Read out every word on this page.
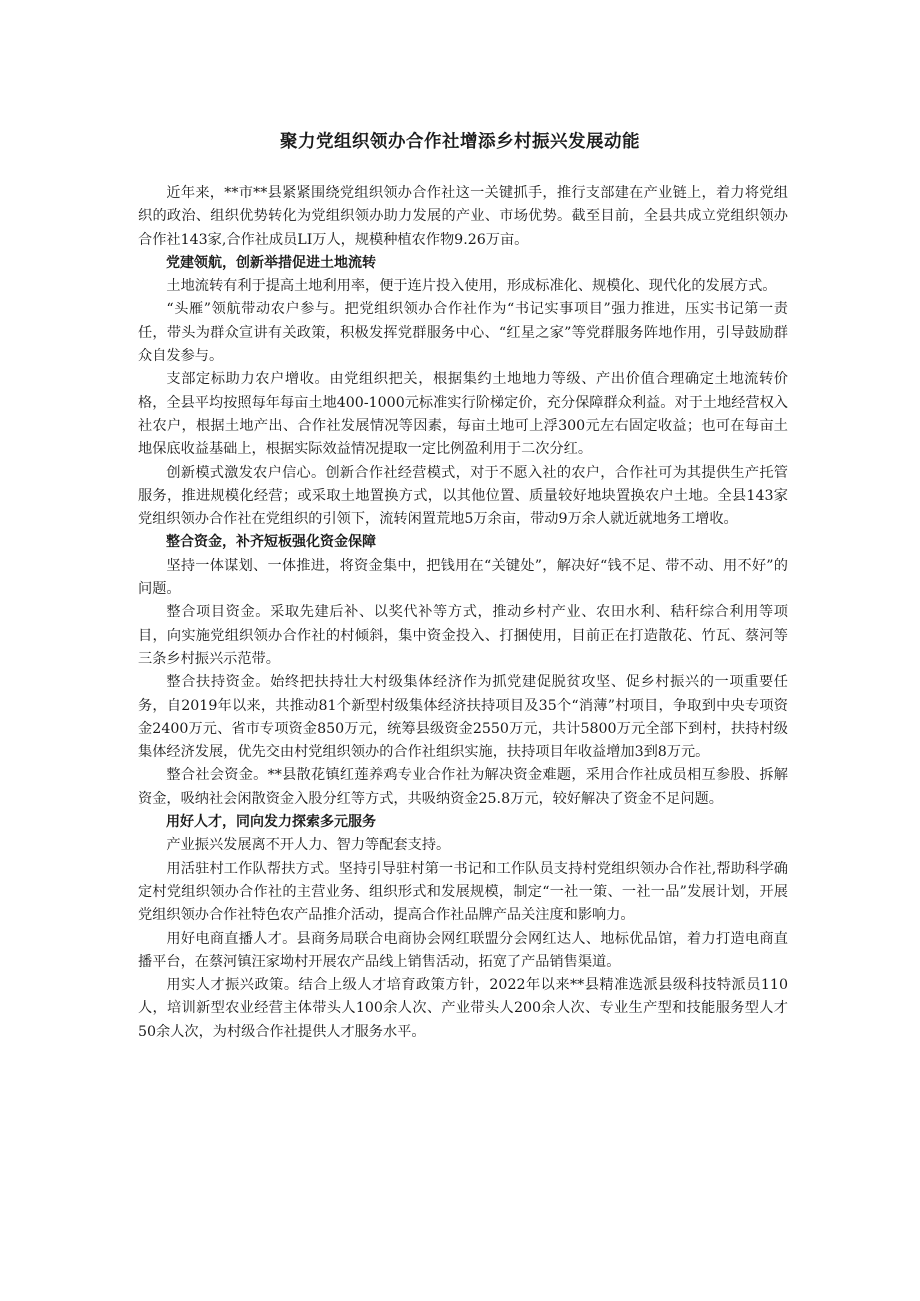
聚力党组织领办合作社增添乡村振兴发展动能

近年来，**市**县紧紧围绕党组织领办合作社这一关键抓手，推行支部建在产业链上，着力将党组织的政治、组织优势转化为党组织领办助力发展的产业、市场优势。截至目前，全县共成立党组织领办合作社143家,合作社成员LI万人，规模种植农作物9.26万亩。

党建领航，创新举措促进土地流转

土地流转有利于提高土地利用率，便于连片投入使用，形成标准化、规模化、现代化的发展方式。

“头雁”领航带动农户参与。把党组织领办合作社作为“书记实事项目”强力推进，压实书记第一责任，带头为群众宣讲有关政策，积极发挥党群服务中心、“红星之家”等党群服务阵地作用，引导鼓励群众自发参与。

支部定标助力农户增收。由党组织把关，根据集约土地地力等级、产出价值合理确定土地流转价格，全县平均按照每年每亩土地400-1000元标准实行阶梯定价，充分保障群众利益。对于土地经营权入社农户，根据土地产出、合作社发展情况等因素，每亩土地可上浮300元左右固定收益；也可在每亩土地保底收益基础上，根据实际效益情况提取一定比例盈利用于二次分红。

创新模式激发农户信心。创新合作社经营模式，对于不愿入社的农户，合作社可为其提供生产托管服务，推进规模化经营；或采取土地置换方式，以其他位置、质量较好地块置换农户土地。全县143家党组织领办合作社在党组织的引领下，流转闲置荒地5万余亩，带动9万余人就近就地务工增收。

整合资金，补齐短板强化资金保障

坚持一体谋划、一体推进，将资金集中，把钱用在“关键处”，解决好“钱不足、带不动、用不好”的问题。

整合项目资金。采取先建后补、以奖代补等方式，推动乡村产业、农田水利、秸秆综合利用等项目，向实施党组织领办合作社的村倾斜，集中资金投入、打捆使用，目前正在打造散花、竹瓦、蔡河等三条乡村振兴示范带。

整合扶持资金。始终把扶持壮大村级集体经济作为抓党建促脱贫攻坚、促乡村振兴的一项重要任务，自2019年以来，共推动81个新型村级集体经济扶持项目及35个“消薄”村项目，争取到中央专项资金2400万元、省市专项资金850万元，统筹县级资金2550万元，共计5800万元全部下到村，扶持村级集体经济发展，优先交由村党组织领办的合作社组织实施，扶持项目年收益增加3到8万元。

整合社会资金。**县散花镇红莲养鸡专业合作社为解决资金难题，采用合作社成员相互参股、拆解资金，吸纳社会闲散资金入股分红等方式，共吸纳资金25.8万元，较好解决了资金不足问题。

用好人才，同向发力探索多元服务

产业振兴发展离不开人力、智力等配套支持。

用活驻村工作队帮扶方式。坚持引导驻村第一书记和工作队员支持村党组织领办合作社,帮助科学确定村党组织领办合作社的主营业务、组织形式和发展规模，制定“一社一策、一社一品”发展计划，开展党组织领办合作社特色农产品推介活动，提高合作社品牌产品关注度和影响力。

用好电商直播人才。县商务局联合电商协会网红联盟分会网红达人、地标优品馆，着力打造电商直播平台，在蔡河镇汪家坳村开展农产品线上销售活动，拓宽了产品销售渠道。

用实人才振兴政策。结合上级人才培育政策方针，2022年以来**县精准选派县级科技特派员110人，培训新型农业经营主体带头人100余人次、产业带头人200余人次、专业生产型和技能服务型人才50余人次，为村级合作社提供人才服务水平。
